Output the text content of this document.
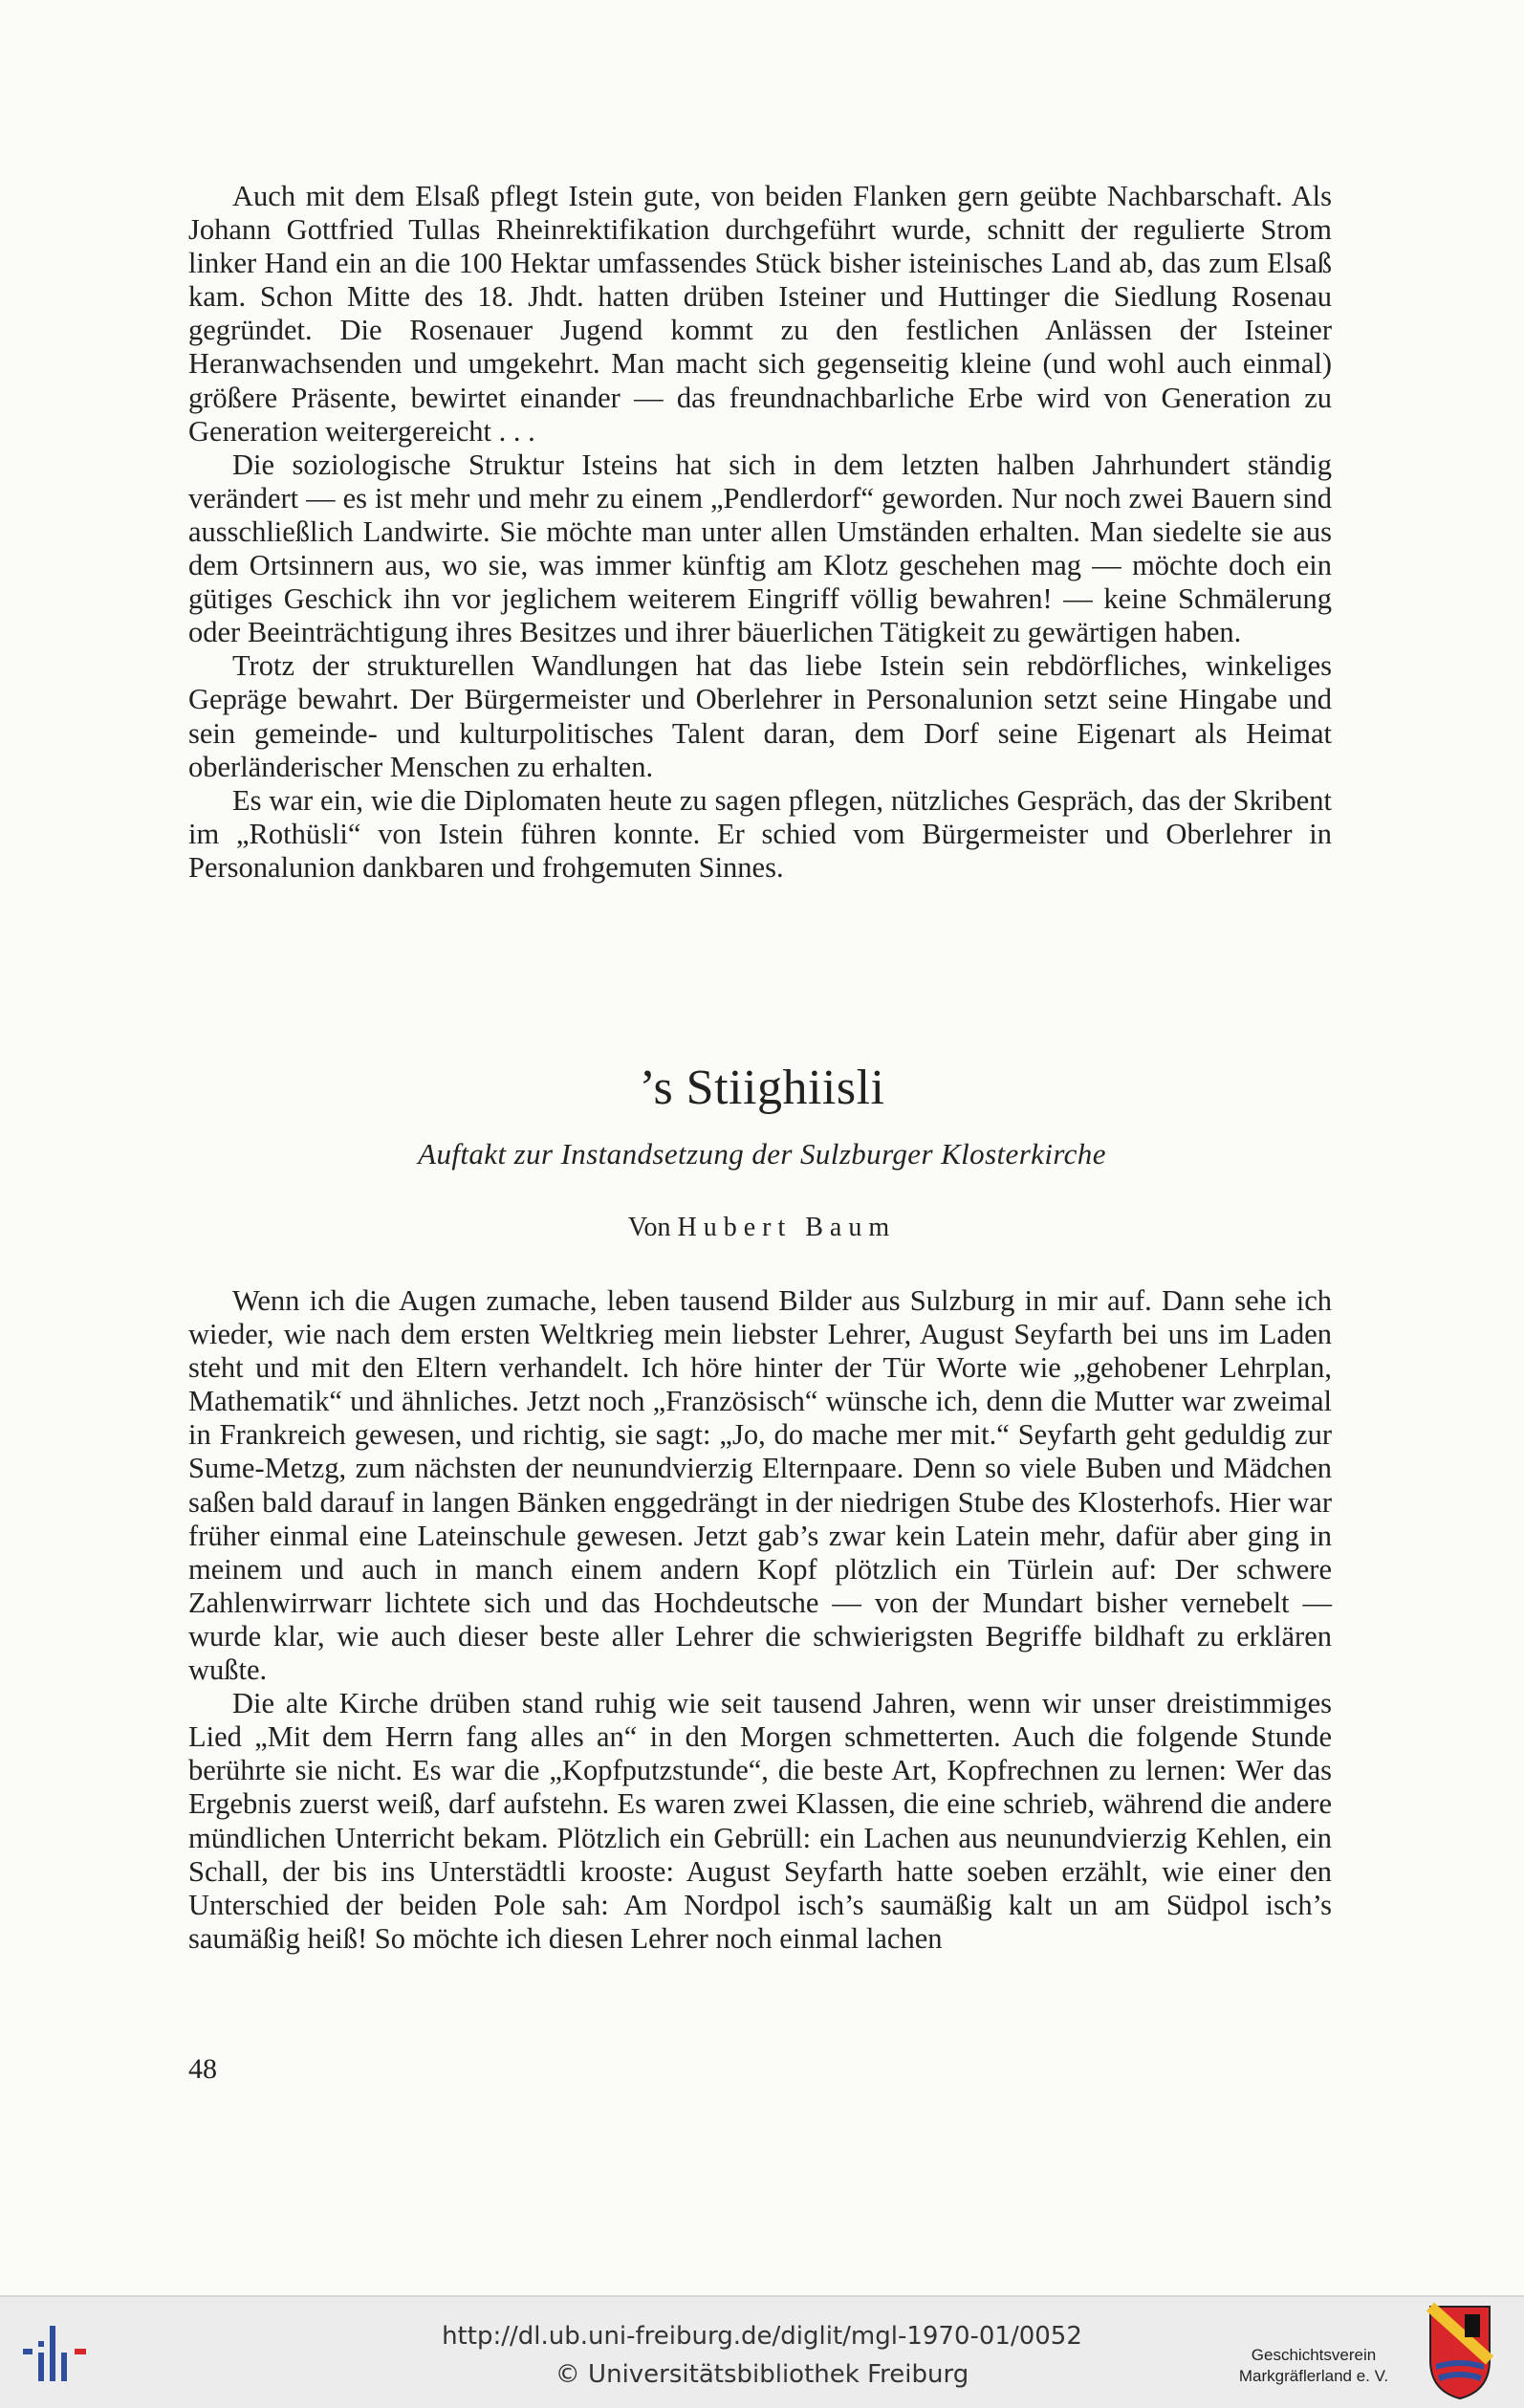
Auch mit dem Elsaß pflegt Istein gute, von beiden Flanken gern geübte Nachbarschaft. Als Johann Gottfried Tullas Rheinrektifikation durchgeführt wurde, schnitt der regulierte Strom linker Hand ein an die 100 Hektar umfassendes Stück bisher isteinisches Land ab, das zum Elsaß kam. Schon Mitte des 18. Jhdt. hatten drüben Isteiner und Huttinger die Siedlung Rosenau gegründet. Die Rosenauer Jugend kommt zu den festlichen Anlässen der Isteiner Heranwachsenden und umgekehrt. Man macht sich gegenseitig kleine (und wohl auch einmal) größere Präsente, bewirtet einander — das freundnachbarliche Erbe wird von Generation zu Generation weitergereicht . . .

Die soziologische Struktur Isteins hat sich in dem letzten halben Jahrhundert ständig verändert — es ist mehr und mehr zu einem „Pendlerdorf“ geworden. Nur noch zwei Bauern sind ausschließlich Landwirte. Sie möchte man unter allen Umständen erhalten. Man siedelte sie aus dem Ortsinnern aus, wo sie, was immer künftig am Klotz geschehen mag — möchte doch ein gütiges Geschick ihn vor jeglichem weiterem Eingriff völlig bewahren! — keine Schmälerung oder Beeinträchtigung ihres Besitzes und ihrer bäuerlichen Tätigkeit zu gewärtigen haben.

Trotz der strukturellen Wandlungen hat das liebe Istein sein rebdörfliches, winkeliges Gepräge bewahrt. Der Bürgermeister und Oberlehrer in Personalunion setzt seine Hingabe und sein gemeinde- und kulturpolitisches Talent daran, dem Dorf seine Eigenart als Heimat oberländerischer Menschen zu erhalten.

Es war ein, wie die Diplomaten heute zu sagen pflegen, nützliches Gespräch, das der Skribent im „Rothüsli“ von Istein führen konnte. Er schied vom Bürgermeister und Oberlehrer in Personalunion dankbaren und frohgemuten Sinnes.

’s Stiighiisli
Auftakt zur Instandsetzung der Sulzburger Klosterkirche
Von Hubert Baum

Wenn ich die Augen zumache, leben tausend Bilder aus Sulzburg in mir auf. Dann sehe ich wieder, wie nach dem ersten Weltkrieg mein liebster Lehrer, August Seyfarth bei uns im Laden steht und mit den Eltern verhandelt. Ich höre hinter der Tür Worte wie „gehobener Lehrplan, Mathematik“ und ähnliches. Jetzt noch „Französisch“ wünsche ich, denn die Mutter war zweimal in Frankreich gewesen, und richtig, sie sagt: „Jo, do mache mer mit.“ Seyfarth geht geduldig zur Sume-Metzg, zum nächsten der neunundvierzig Elternpaare. Denn so viele Buben und Mädchen saßen bald darauf in langen Bänken enggedrängt in der niedrigen Stube des Klosterhofs. Hier war früher einmal eine Lateinschule gewesen. Jetzt gab’s zwar kein Latein mehr, dafür aber ging in meinem und auch in manch einem andern Kopf plötzlich ein Türlein auf: Der schwere Zahlenwirrwarr lichtete sich und das Hochdeutsche — von der Mundart bisher vernebelt — wurde klar, wie auch dieser beste aller Lehrer die schwierigsten Begriffe bildhaft zu erklären wußte.

Die alte Kirche drüben stand ruhig wie seit tausend Jahren, wenn wir unser dreistimmiges Lied „Mit dem Herrn fang alles an“ in den Morgen schmetterten. Auch die folgende Stunde berührte sie nicht. Es war die „Kopfputzstunde“, die beste Art, Kopfrechnen zu lernen: Wer das Ergebnis zuerst weiß, darf aufstehn. Es waren zwei Klassen, die eine schrieb, während die andere mündlichen Unterricht bekam. Plötzlich ein Gebrüll: ein Lachen aus neunundvierzig Kehlen, ein Schall, der bis ins Unterstädtli krooste: August Seyfarth hatte soeben erzählt, wie einer den Unterschied der beiden Pole sah: Am Nordpol isch’s saumäßig kalt un am Südpol isch’s saumäßig heiß! So möchte ich diesen Lehrer noch einmal lachen

48
http://dl.ub.uni-freiburg.de/diglit/mgl-1970-01/0052
© Universitätsbibliothek Freiburg
Geschichtsverein
Markgräflerland e. V.
